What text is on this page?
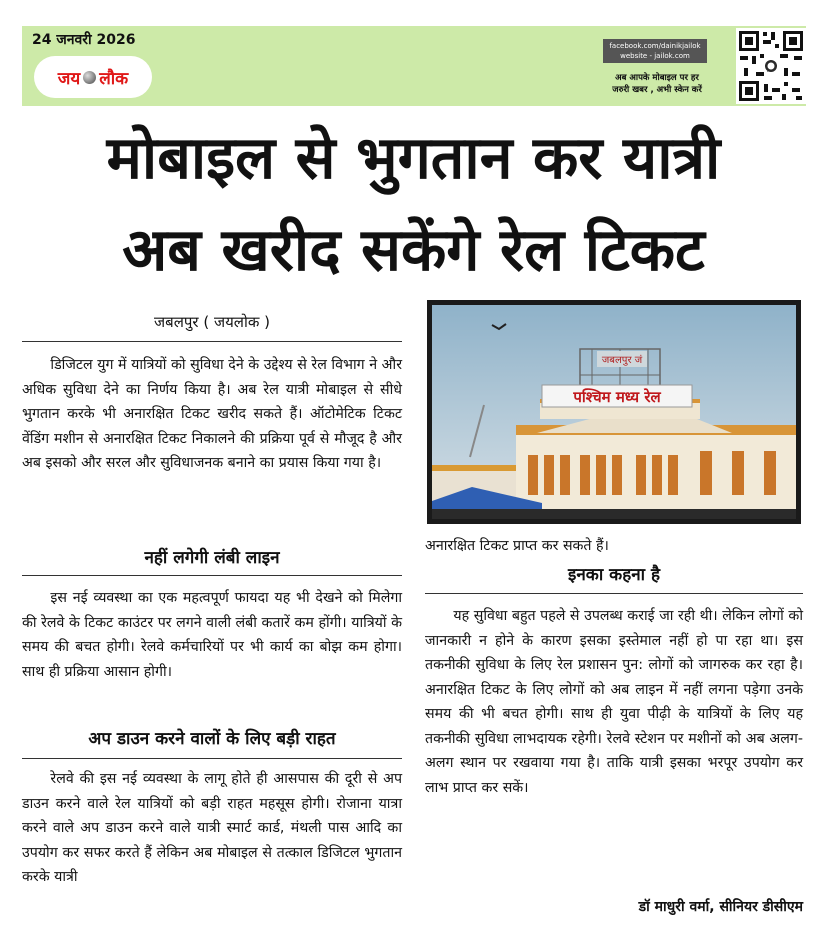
24 जनवरी 2026
जय लौक
facebook.com/dainikjailok
website - jailok.com
अब आपके मोबाइल पर हर
जरुरी खबर , अभी स्केन करें
मोबाइल से भुगतान कर यात्री
अब खरीद सकेंगे रेल टिकट
जबलपुर ( जयलोक )

डिजिटल युग में यात्रियों को सुविधा देने के उद्देश्य से रेल विभाग ने और अधिक सुविधा देने का निर्णय किया है। अब रेल यात्री मोबाइल से सीधे भुगतान करके भी अनारक्षित टिकट खरीद सकते हैं। ऑटोमेटिक टिकट वेंडिंग मशीन से अनारक्षित टिकट निकालने की प्रक्रिया पूर्व से मौजूद है और अब इसको और सरल और सुविधाजनक बनाने का प्रयास किया गया है।

नहीं लगेगी लंबी लाइन

इस नई व्यवस्था का एक महत्वपूर्ण फायदा यह भी देखने को मिलेगा की रेलवे के टिकट काउंटर पर लगने वाली लंबी कतारें कम होंगी। यात्रियों के समय की बचत होगी। रेलवे कर्मचारियों पर भी कार्य का बोझ कम होगा। साथ ही प्रक्रिया आसान होगी।

अप डाउन करने वालों के लिए बड़ी राहत

रेलवे की इस नई व्यवस्था के लागू होते ही आसपास की दूरी से अप डाउन करने वाले रेल यात्रियों को बड़ी राहत महसूस होगी। रोजाना यात्रा करने वाले अप डाउन करने वाले यात्री स्मार्ट कार्ड, मंथली पास आदि का उपयोग कर सफर करते हैं लेकिन अब मोबाइल से तत्काल डिजिटल भुगतान करके यात्री

जबलपुर जं
पश्चिम मध्य रेल
अनारक्षित टिकट प्राप्त कर सकते हैं।
इनका कहना है

यह सुविधा बहुत पहले से उपलब्ध कराई जा रही थी। लेकिन लोगों को जानकारी न होने के कारण इसका इस्तेमाल नहीं हो पा रहा था। इस तकनीकी सुविधा के लिए रेल प्रशासन पुन: लोगों को जागरुक कर रहा है। अनारक्षित टिकट के लिए लोगों को अब लाइन में नहीं लगना पड़ेगा उनके समय की भी बचत होगी। साथ ही युवा पीढ़ी के यात्रियों के लिए यह तकनीकी सुविधा लाभदायक रहेगी। रेलवे स्टेशन पर मशीनों को अब अलग-अलग स्थान पर रखवाया गया है। ताकि यात्री इसका भरपूर उपयोग कर लाभ प्राप्त कर सकें।

डॉ माधुरी वर्मा, सीनियर डीसीएम
